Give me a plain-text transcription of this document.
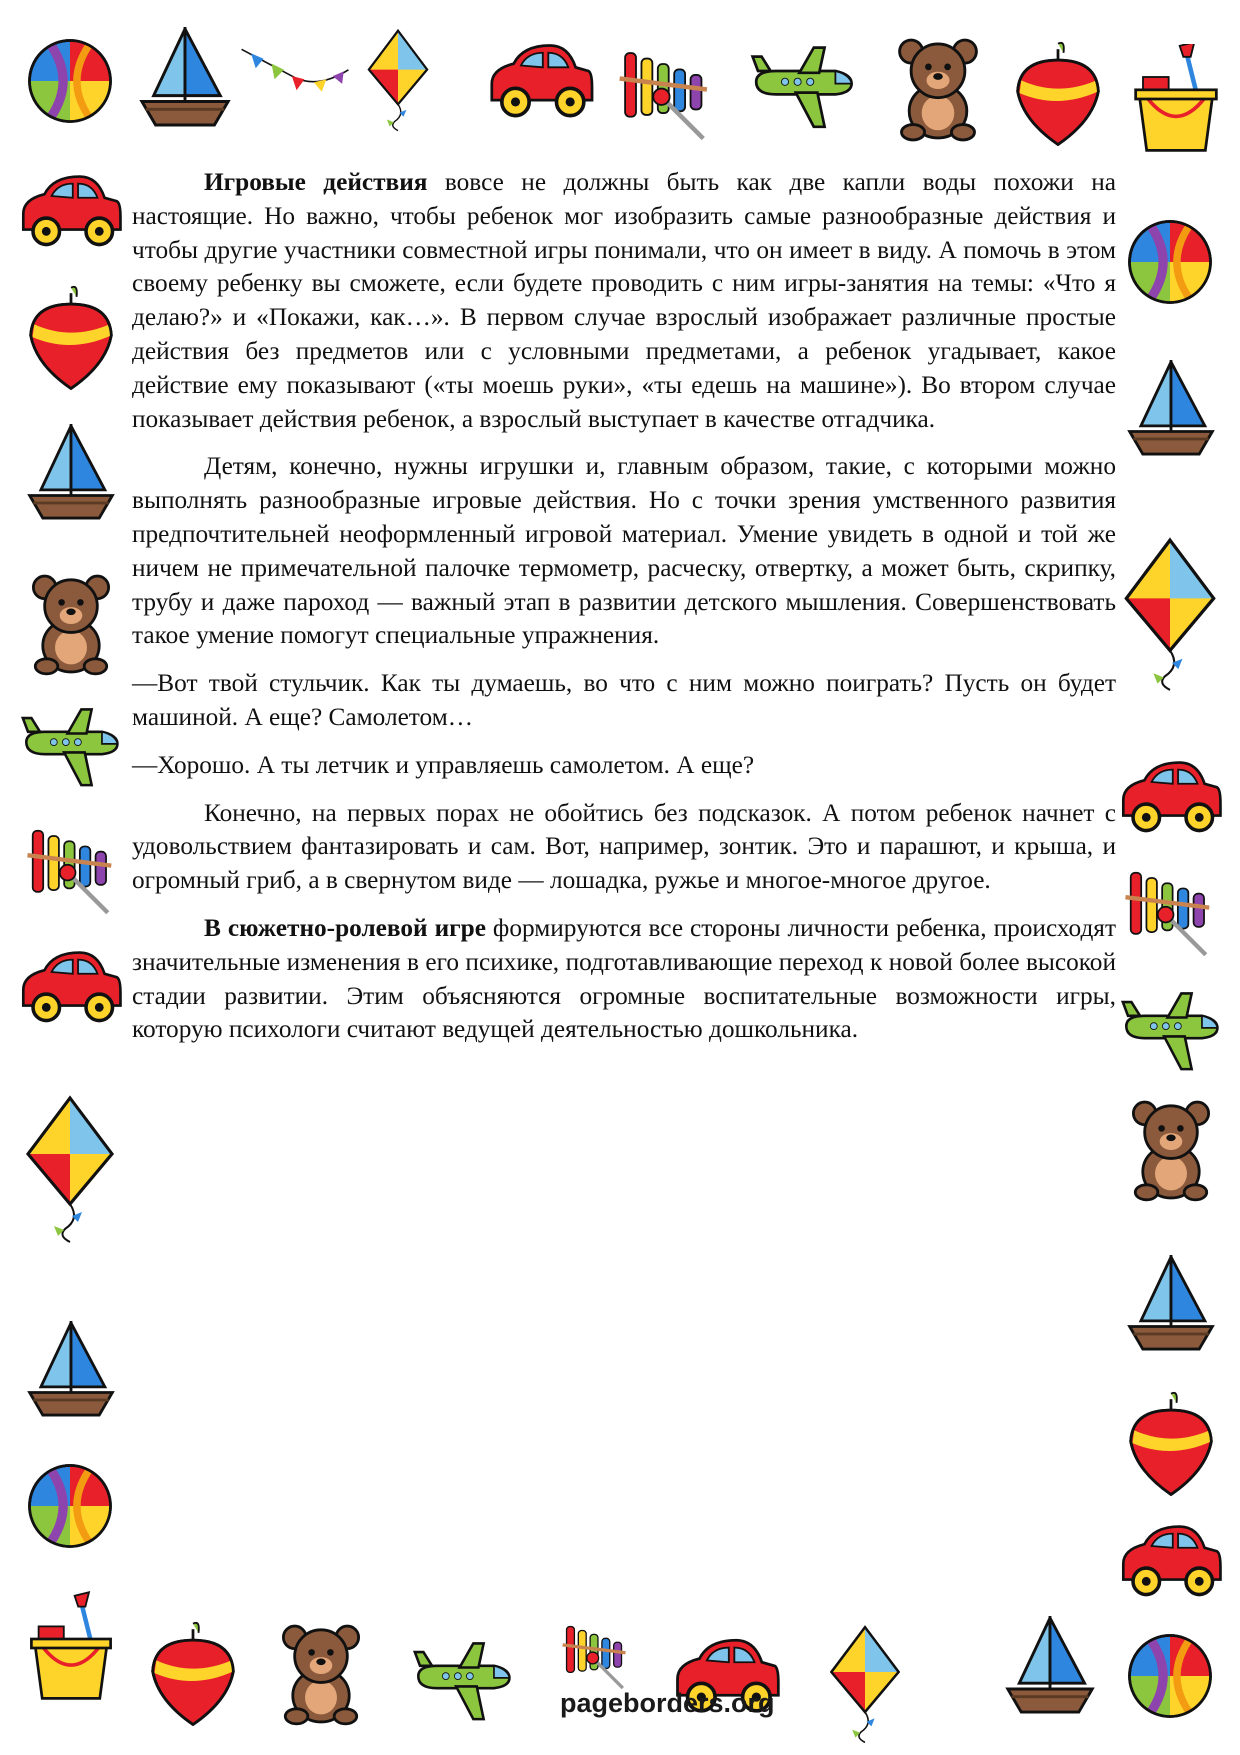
pageborders.org

Игровые действия вовсе не должны быть как две капли воды похожи на настоящие. Но важно, чтобы ребенок мог изобразить самые разнообразные действия и чтобы другие участники совместной игры понимали, что он имеет в виду. А помочь в этом своему ребенку вы сможете, если будете проводить с ним игры-занятия на темы: «Что я делаю?» и «Покажи, как…». В первом случае взрослый изображает различные простые действия без предметов или с условными предметами, а ребенок угадывает, какое действие ему показывают («ты моешь руки», «ты едешь на машине»). Во втором случае показывает действия ребенок, а взрослый выступает в качестве отгадчика.

Детям, конечно, нужны игрушки и, главным образом, такие, с которыми можно выполнять разнообразные игровые действия. Но с точки зрения умственного развития предпочтительней неоформленный игровой материал. Умение увидеть в одной и той же ничем не примечательной палочке термометр, расческу, отвертку, а может быть, скрипку, трубу и даже пароход — важный этап в развитии детского мышления. Совершенствовать такое умение помогут специальные упражнения.

—Вот твой стульчик. Как ты думаешь, во что с ним можно поиграть? Пусть он будет машиной. А еще? Самолетом…

—Хорошо. А ты летчик и управляешь самолетом. А еще?

Конечно, на первых порах не обойтись без подсказок. А потом ребенок начнет с удовольствием фантазировать и сам. Вот, например, зонтик. Это и парашют, и крыша, и огромный гриб, а в свернутом виде — лошадка, ружье и многое-многое другое.

В сюжетно-ролевой игре формируются все стороны личности ребенка, происходят значительные изменения в его психике, подготавливающие переход к новой более высокой стадии развитии. Этим объясняются огромные воспитательные возможности игры, которую психологи считают ведущей деятельностью дошкольника.
